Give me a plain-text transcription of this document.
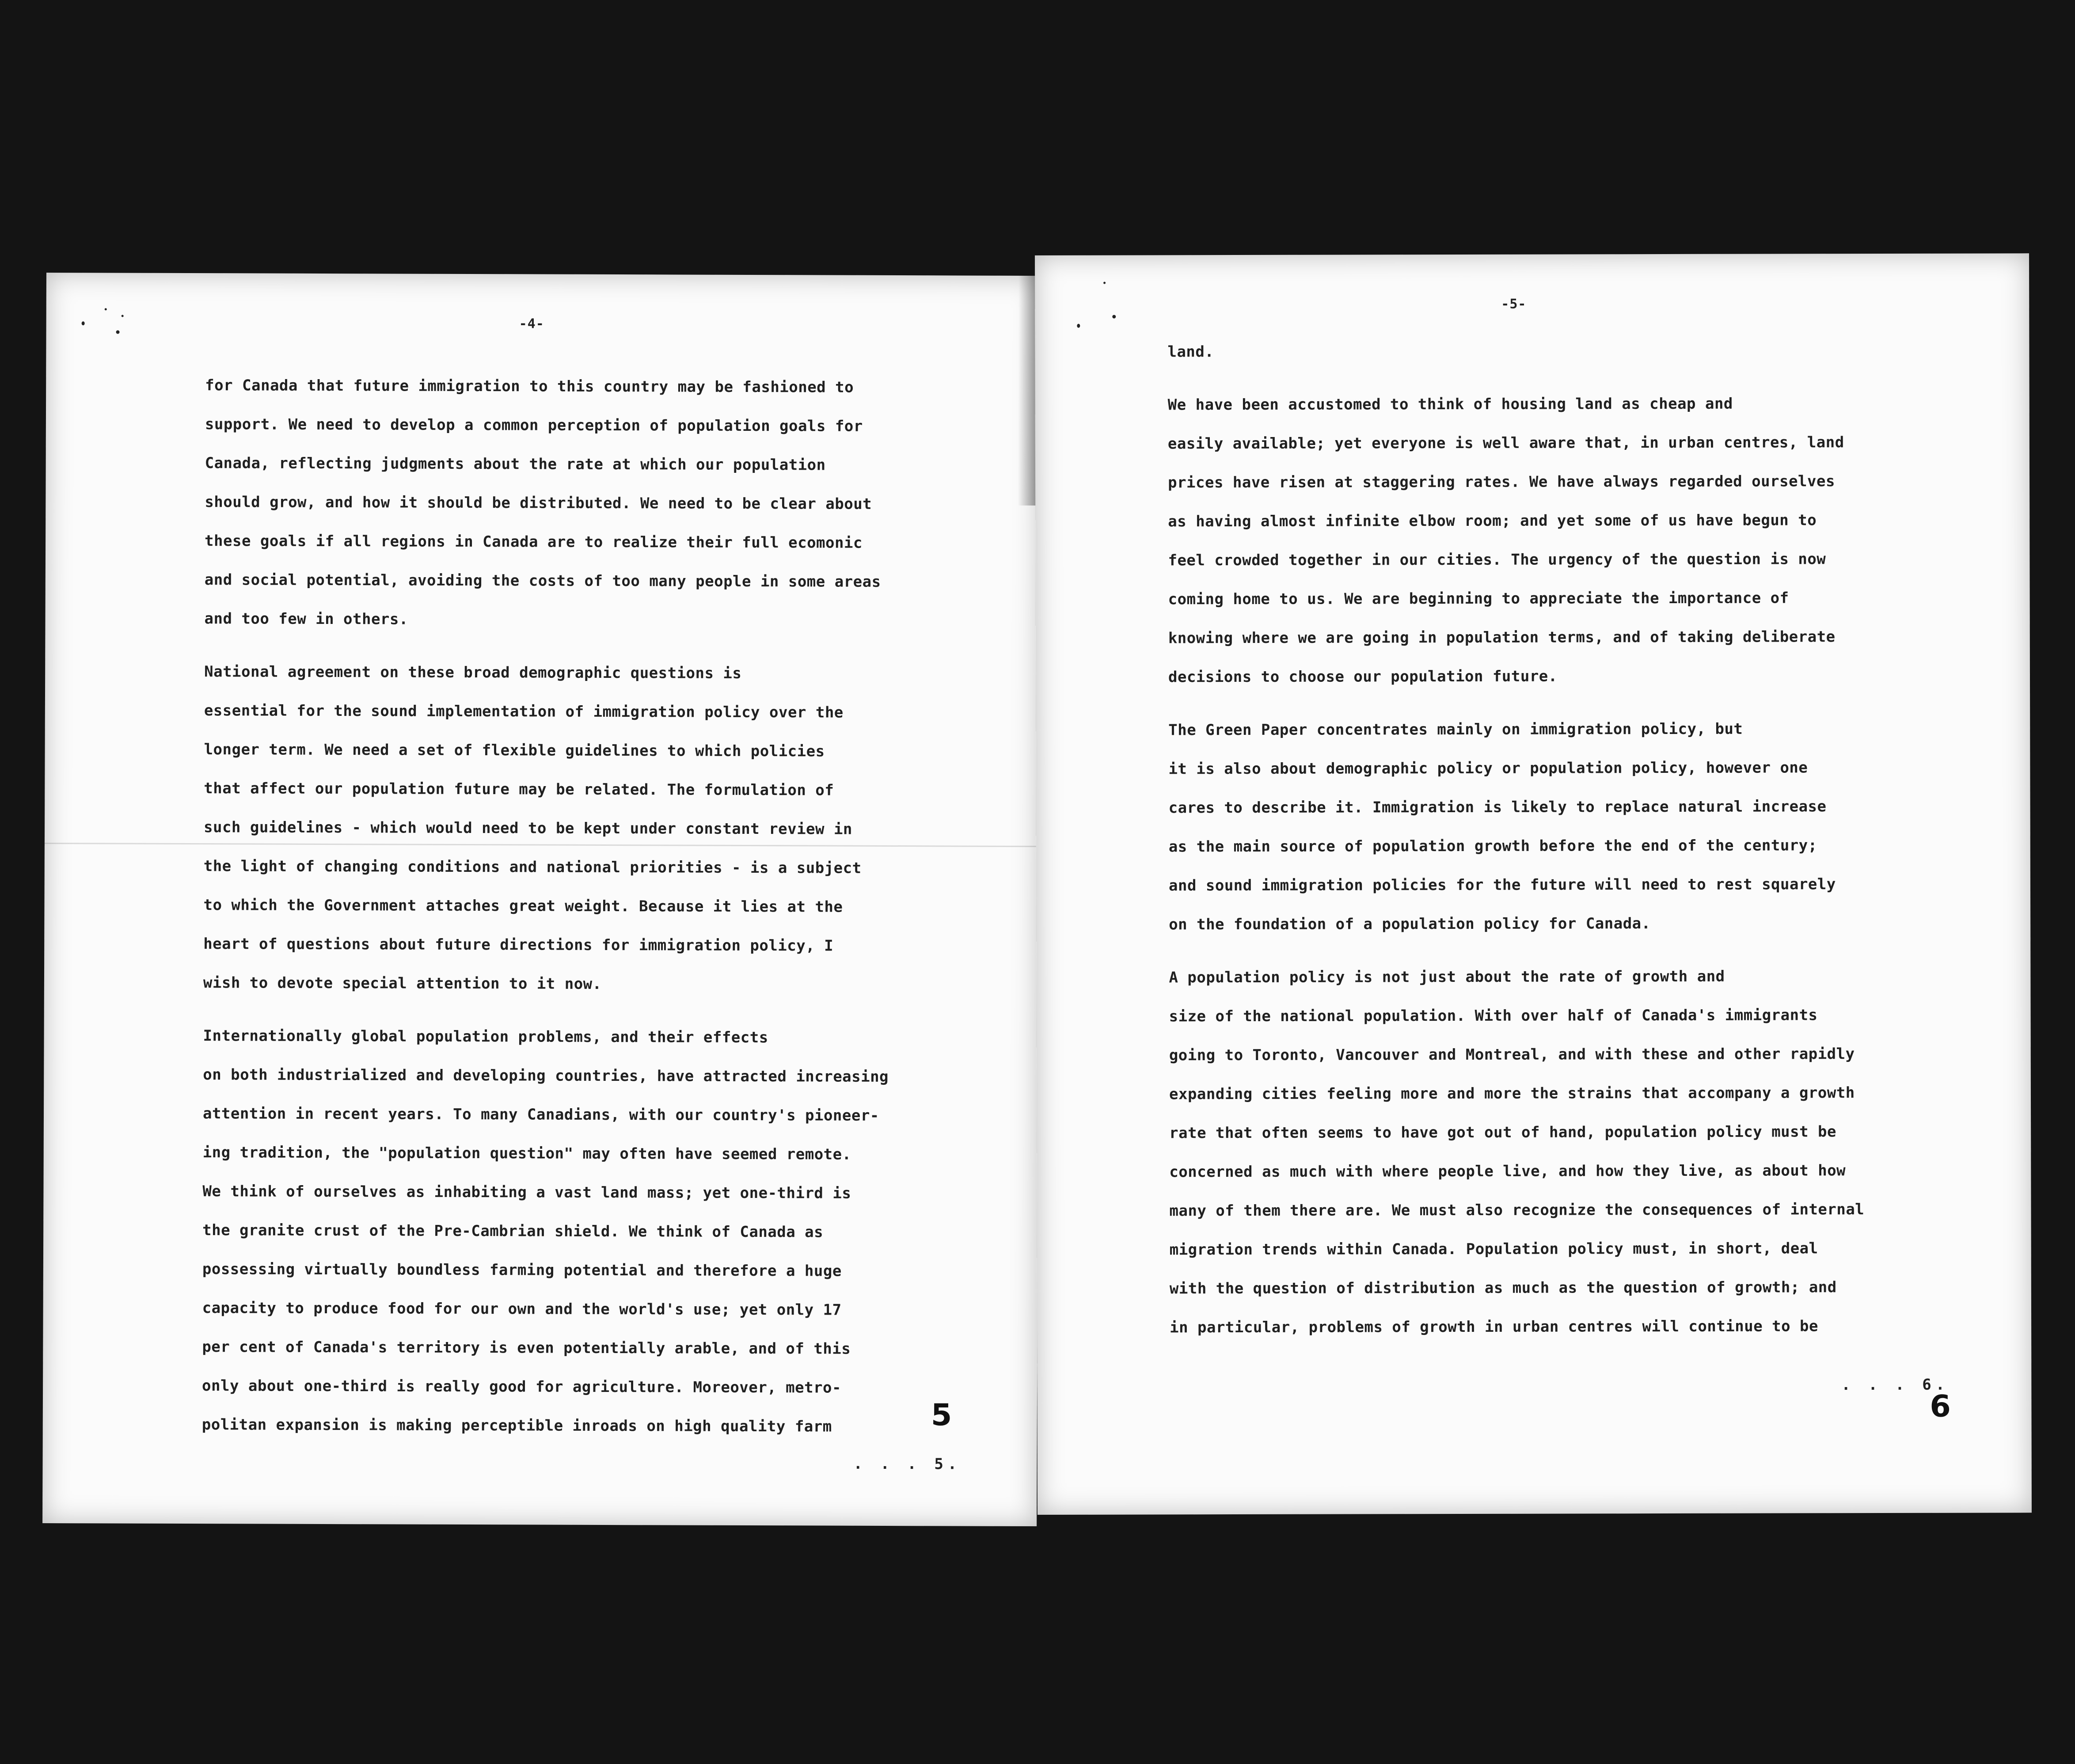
-4-

for Canada that future immigration to this country may be fashioned to
support. We need to develop a common perception of population goals for
Canada, reflecting judgments about the rate at which our population
should grow, and how it should be distributed. We need to be clear about
these goals if all regions in Canada are to realize their full ecomonic
and social potential, avoiding the costs of too many people in some areas
and too few in others.

National agreement on these broad demographic questions is
essential for the sound implementation of immigration policy over the
longer term. We need a set of flexible guidelines to which policies
that affect our population future may be related. The formulation of
such guidelines - which would need to be kept under constant review in
the light of changing conditions and national priorities - is a subject
to which the Government attaches great weight. Because it lies at the
heart of questions about future directions for immigration policy, I
wish to devote special attention to it now.

Internationally global population problems, and their effects
on both industrialized and developing countries, have attracted increasing
attention in recent years. To many Canadians, with our country's pioneer-
ing tradition, the "population question" may often have seemed remote.
We think of ourselves as inhabiting a vast land mass; yet one-third is
the granite crust of the Pre-Cambrian shield. We think of Canada as
possessing virtually boundless farming potential and therefore a huge
capacity to produce food for our own and the world's use; yet only 17
per cent of Canada's territory is even potentially arable, and of this
only about one-third is really good for agriculture. Moreover, metro-
politan expansion is making perceptible inroads on high quality farm	5
. . . 5.
-5-

land.

We have been accustomed to think of housing land as cheap and
easily available; yet everyone is well aware that, in urban centres, land
prices have risen at staggering rates. We have always regarded ourselves
as having almost infinite elbow room; and yet some of us have begun to
feel crowded together in our cities. The urgency of the question is now
coming home to us. We are beginning to appreciate the importance of
knowing where we are going in population terms, and of taking deliberate
decisions to choose our population future.

The Green Paper concentrates mainly on immigration policy, but
it is also about demographic policy or population policy, however one
cares to describe it. Immigration is likely to replace natural increase
as the main source of population growth before the end of the century;
and sound immigration policies for the future will need to rest squarely
on the foundation of a population policy for Canada.

A population policy is not just about the rate of growth and
size of the national population. With over half of Canada's immigrants
going to Toronto, Vancouver and Montreal, and with these and other rapidly
expanding cities feeling more and more the strains that accompany a growth
rate that often seems to have got out of hand, population policy must be
concerned as much with where people live, and how they live, as about how
many of them there are. We must also recognize the consequences of internal
migration trends within Canada. Population policy must, in short, deal
with the question of distribution as much as the question of growth; and
in particular, problems of growth in urban centres will continue to be

. . . 6.
6
